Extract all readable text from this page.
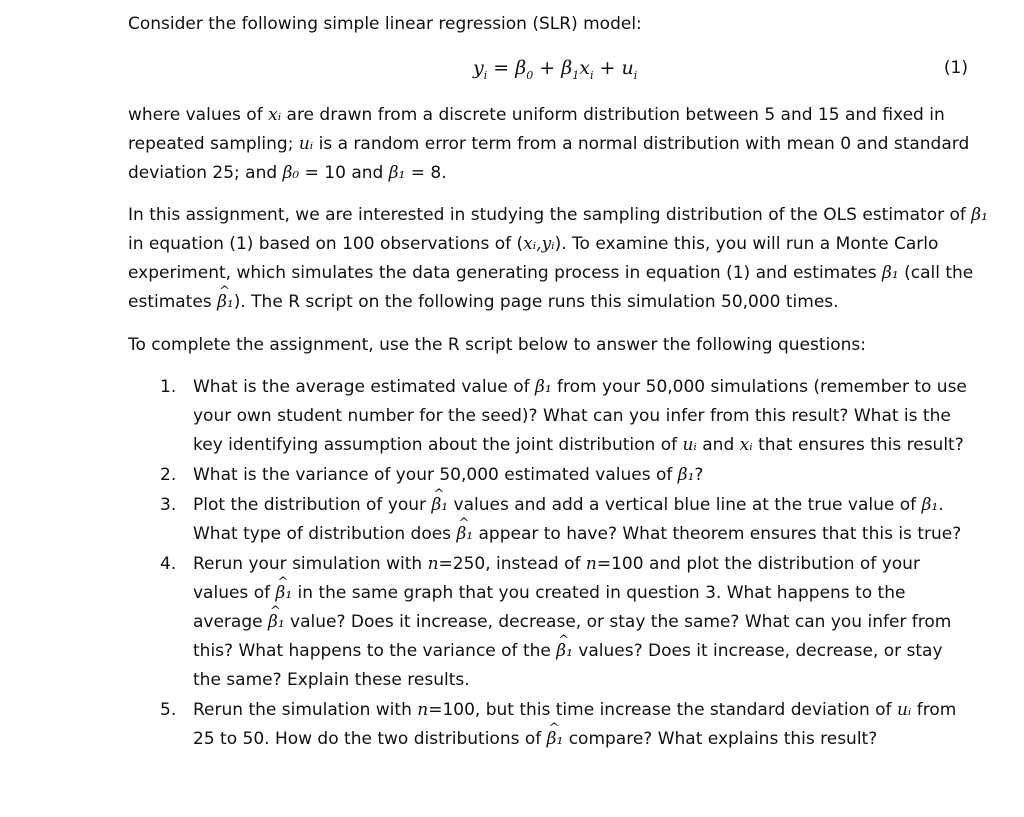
Consider the following simple linear regression (SLR) model:

$y_i = \beta_0 + \beta_1x_i + u_i$	(1)

where values of xᵢ are drawn from a discrete uniform distribution between 5 and 15 and fixed in repeated sampling; uᵢ is a random error term from a normal distribution with mean 0 and standard deviation 25; and β₀ = 10 and β₁ = 8.

In this assignment, we are interested in studying the sampling distribution of the OLS estimator of β₁ in equation (1) based on 100 observations of (xᵢ,yᵢ). To examine this, you will run a Monte Carlo experiment, which simulates the data generating process in equation (1) and estimates β₁ (call the estimates ^ β₁). The R script on the following page runs this simulation 50,000 times.

To complete the assignment, use the R script below to answer the following questions:

1. What is the average estimated value of β₁ from your 50,000 simulations (remember to use your own student number for the seed)? What can you infer from this result? What is the key identifying assumption about the joint distribution of uᵢ and xᵢ that ensures this result?
2. What is the variance of your 50,000 estimated values of β₁?
3. Plot the distribution of your ^ β₁ values and add a vertical blue line at the true value of β₁. What type of distribution does ^ β₁ appear to have? What theorem ensures that this is true?
4. Rerun your simulation with n=250, instead of n=100 and plot the distribution of your values of ^ β₁ in the same graph that you created in question 3. What happens to the average ^ β₁ value? Does it increase, decrease, or stay the same? What can you infer from this? What happens to the variance of the ^ β₁ values? Does it increase, decrease, or stay the same? Explain these results.
5. Rerun the simulation with n=100, but this time increase the standard deviation of uᵢ from 25 to 50. How do the two distributions of ^ β₁ compare? What explains this result?
